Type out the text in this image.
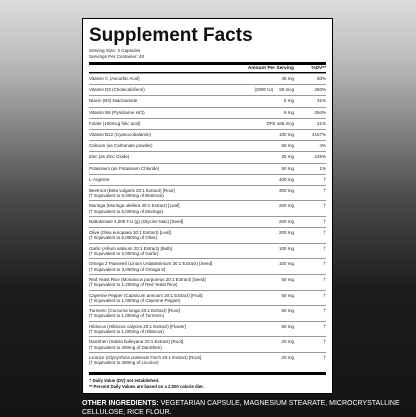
Supplement Facts
Serving Size: 3 Capsules
Servings Per Container: 40
Amount Per Serving	%DV**
Vitamin C (Ascorbic Acid)	45 mg	50%
Vitamin D3 (Cholecalciferol)	(2000 IU) 50 mcg	250%
Niacin (B3) Niacinamide	5 mg	31%
Vitamin B6 (Pyridoxine HCl)	5 mg	294%
Folate (100mcg folic acid)	DFE 166 mcg	21%
Vitamin B12 (Cyanocobalamin)	100 mg	4167%
Calcium (as Carbonate powder)	50 mg	4%
Zinc (as Zinc Oxide)	25 mg	225%
Potassium (as Potassium Chloride)	50 mg	1%
L-Arginine	400 mg	†
Beetroot (Beta vulgaris 20:1 Extract) [Root]
(† Equivalent to 6,000mg of Beetroot)
300 mg	†
Moringa (Moringa oleifera 30:1 Extract) [Leaf]
(† Equivalent to 6,000mg of Moringa)
200 mg	†
Nattokinase 4,000 F.U (g) (Glycine Max) [Seed]	200 mg	†
Olive (Olea europaea 30:1 Extract) [Leaf]
(† Equivalent to 6,000mg of Olive)
200 mg	†
Garlic (Allium sativum 20:1 Extract) [Bulb]
(† Equivalent to 2,000mg of Garlic)
100 mg	†
Omega 3 Flaxseed (Linum Usitatissimum 30:1 Extract) [Seed]
(† Equivalent to 3,000mg of Omega 3)
100 mg	†
Red Yeast Rice (Monascus purpureus 20:1 Extract) [Seed]
(† Equivalent to 1,200mg of Red Yeast Rice)
50 mg	†
Cayenne Pepper (Capsicum annuum 20:1 Extract) [Fruit]
(† Equivalent to 1,000mg of Cayenne Pepper)
50 mg	†
Turmeric (Curcuma longa 20:1 Extract) [Root]
(† Equivalent to 1,000mg of Turmeric)
50 mg	†
Hibiscus (Hibiscus calyces 20:1 Extract) [Flower]
(† Equivalent to 1,000mg of Hibiscus)
50 mg	†
DanShen (Salvia bulleyana 20:1 Extract) [Root]
(† Equivalent to 400mg of DanShen)
20 mg	†
Licorice (Glycyrrhiza uralensis Fisch 20:1 Extract) [Root]
(† Equivalent to 400mg of Licorice)
20 mg	†
† Daily Value (DV) not established.
** Percent Daily Values are based on a 2,000 calorie diet.
OTHER INGREDIENTS: VEGETARIAN CAPSULE, MAGNESIUM STEARATE, MICROCRYSTALLINE CELLULOSE, RICE FLOUR.
